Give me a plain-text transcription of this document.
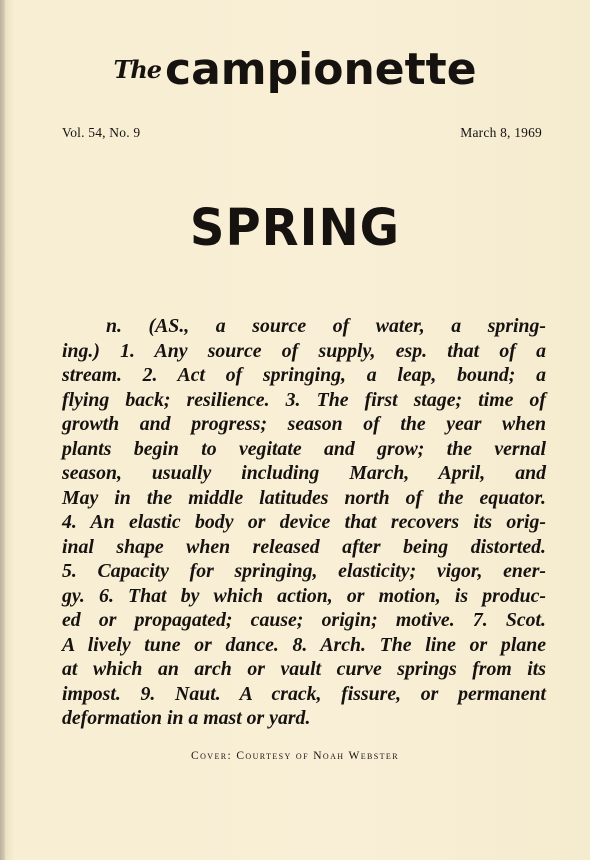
Thecampionette
Vol. 54, No. 9	March 8, 1969
SPRING
n. (AS., a source of water, a spring-
ing.) 1. Any source of supply, esp. that of a
stream. 2. Act of springing, a leap, bound; a
flying back; resilience. 3. The first stage; time of
growth and progress; season of the year when
plants begin to vegitate and grow; the vernal
season, usually including March, April, and
May in the middle latitudes north of the equator.
4. An elastic body or device that recovers its orig-
inal shape when released after being distorted.
5. Capacity for springing, elasticity; vigor, ener-
gy. 6. That by which action, or motion, is produc-
ed or propagated; cause; origin; motive. 7. Scot.
A lively tune or dance. 8. Arch. The line or plane
at which an arch or vault curve springs from its
impost. 9. Naut. A crack, fissure, or permanent
deformation in a mast or yard.
Cover: Courtesy of Noah Webster
